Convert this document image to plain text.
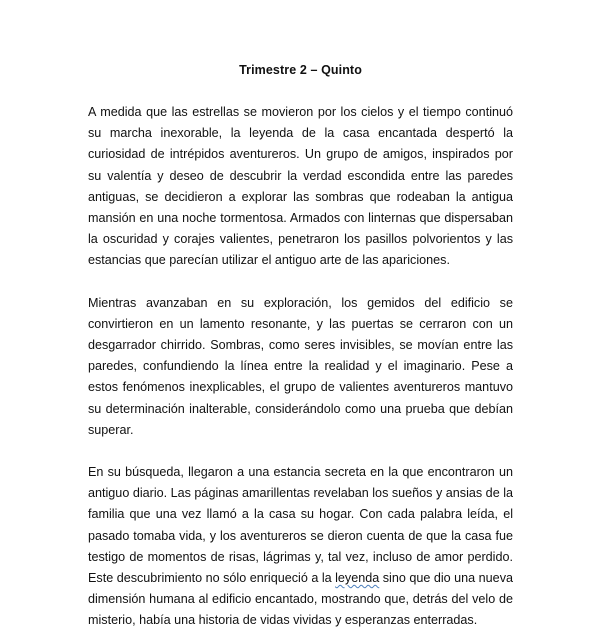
Trimestre 2 – Quinto

A medida que las estrellas se movieron por los cielos y el tiempo continuó su marcha inexorable, la leyenda de la casa encantada despertó la curiosidad de intrépidos aventureros. Un grupo de amigos, inspirados por su valentía y deseo de descubrir la verdad escondida entre las paredes antiguas, se decidieron a explorar las sombras que rodeaban la antigua mansión en una noche tormentosa. Armados con linternas que dispersaban la oscuridad y corajes valientes, penetraron los pasillos polvorientos y las estancias que parecían utilizar el antiguo arte de las apariciones.

Mientras avanzaban en su exploración, los gemidos del edificio se convirtieron en un lamento resonante, y las puertas se cerraron con un desgarrador chirrido. Sombras, como seres invisibles, se movían entre las paredes, confundiendo la línea entre la realidad y el imaginario. Pese a estos fenómenos inexplicables, el grupo de valientes aventureros mantuvo su determinación inalterable, considerándolo como una prueba que debían superar.

En su búsqueda, llegaron a una estancia secreta en la que encontraron un antiguo diario. Las páginas amarillentas revelaban los sueños y ansias de la familia que una vez llamó a la casa su hogar. Con cada palabra leída, el pasado tomaba vida, y los aventureros se dieron cuenta de que la casa fue testigo de momentos de risas, lágrimas y, tal vez, incluso de amor perdido. Este descubrimiento no sólo enriqueció a la leyenda sino que dio una nueva dimensión humana al edificio encantado, mostrando que, detrás del velo de misterio, había una historia de vidas vividas y esperanzas enterradas.
